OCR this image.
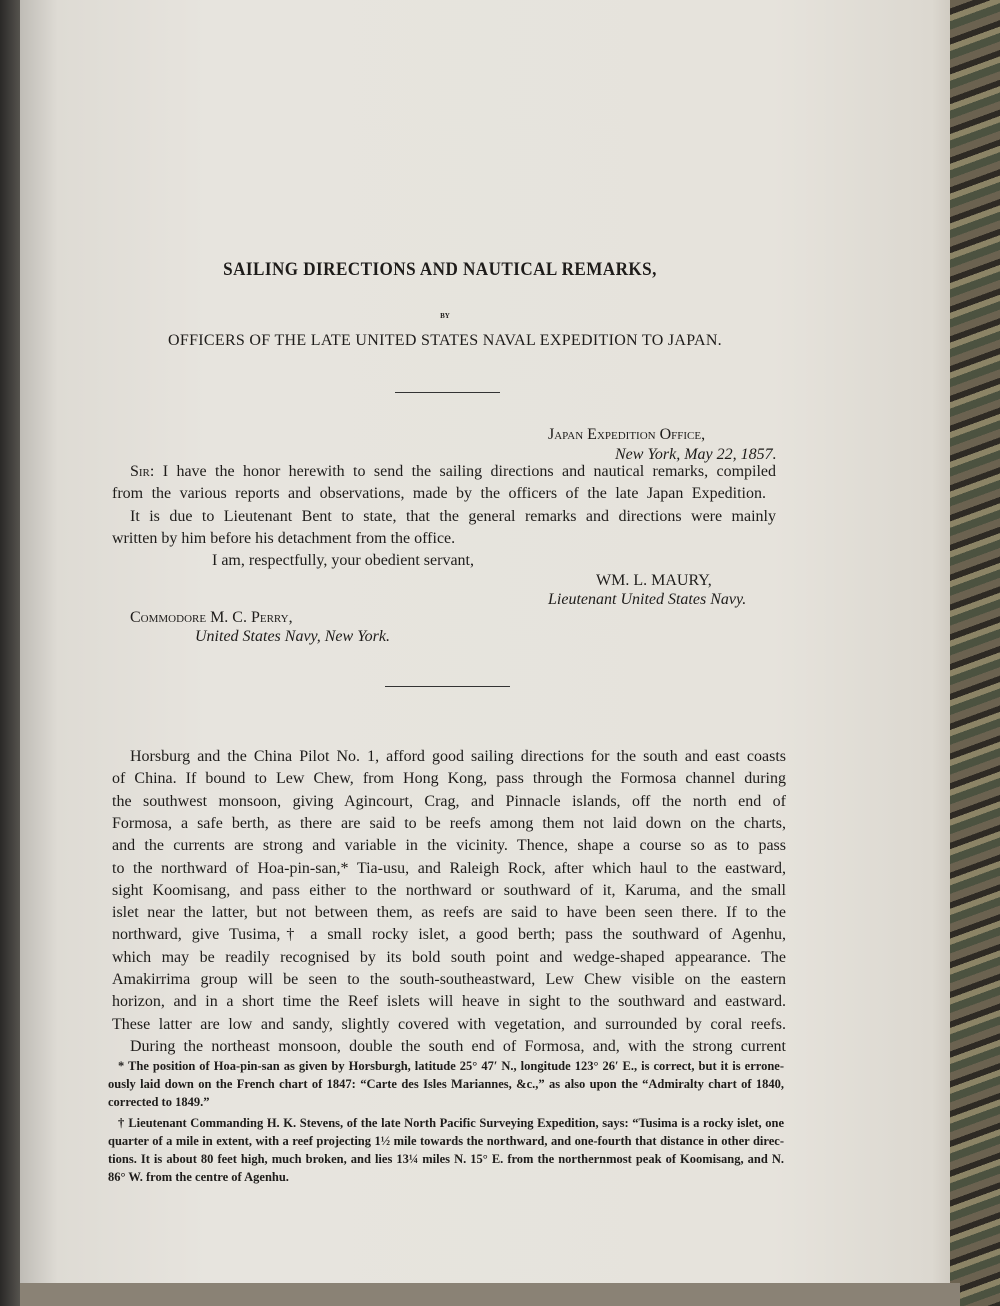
SAILING DIRECTIONS AND NAUTICAL REMARKS,
BY
OFFICERS OF THE LATE UNITED STATES NAVAL EXPEDITION TO JAPAN.
Japan Expedition Office,
New York, May 22, 1857.
Sir: I have the honor herewith to send the sailing directions and nautical remarks, compiled
from the various reports and observations, made by the officers of the late Japan Expedition.
It is due to Lieutenant Bent to state, that the general remarks and directions were mainly
written by him before his detachment from the office.
I am, respectfully, your obedient servant,
WM. L. MAURY,
Lieutenant United States Navy.
Commodore M. C. Perry,
United States Navy, New York.
Horsburg and the China Pilot No. 1, afford good sailing directions for the south and east coasts
of China. If bound to Lew Chew, from Hong Kong, pass through the Formosa channel during
the southwest monsoon, giving Agincourt, Crag, and Pinnacle islands, off the north end of
Formosa, a safe berth, as there are said to be reefs among them not laid down on the charts,
and the currents are strong and variable in the vicinity. Thence, shape a course so as to pass
to the northward of Hoa-pin-san,* Tia-usu, and Raleigh Rock, after which haul to the eastward,
sight Koomisang, and pass either to the northward or southward of it, Karuma, and the small
islet near the latter, but not between them, as reefs are said to have been seen there. If to the
northward, give Tusima,† a small rocky islet, a good berth; pass the southward of Agenhu,
which may be readily recognised by its bold south point and wedge-shaped appearance. The
Amakirrima group will be seen to the south-southeastward, Lew Chew visible on the eastern
horizon, and in a short time the Reef islets will heave in sight to the southward and eastward.
These latter are low and sandy, slightly covered with vegetation, and surrounded by coral reefs.
During the northeast monsoon, double the south end of Formosa, and, with the strong current
* The position of Hoa-pin-san as given by Horsburgh, latitude 25° 47′ N., longitude 123° 26′ E., is correct, but it is errone-
ously laid down on the French chart of 1847: “Carte des Isles Mariannes, &c.,” as also upon the “Admiralty chart of 1840,
corrected to 1849.”
† Lieutenant Commanding H. K. Stevens, of the late North Pacific Surveying Expedition, says: “Tusima is a rocky islet, one
quarter of a mile in extent, with a reef projecting 1½ mile towards the northward, and one-fourth that distance in other direc-
tions. It is about 80 feet high, much broken, and lies 13¼ miles N. 15° E. from the northernmost peak of Koomisang, and N.
86° W. from the centre of Agenhu.
